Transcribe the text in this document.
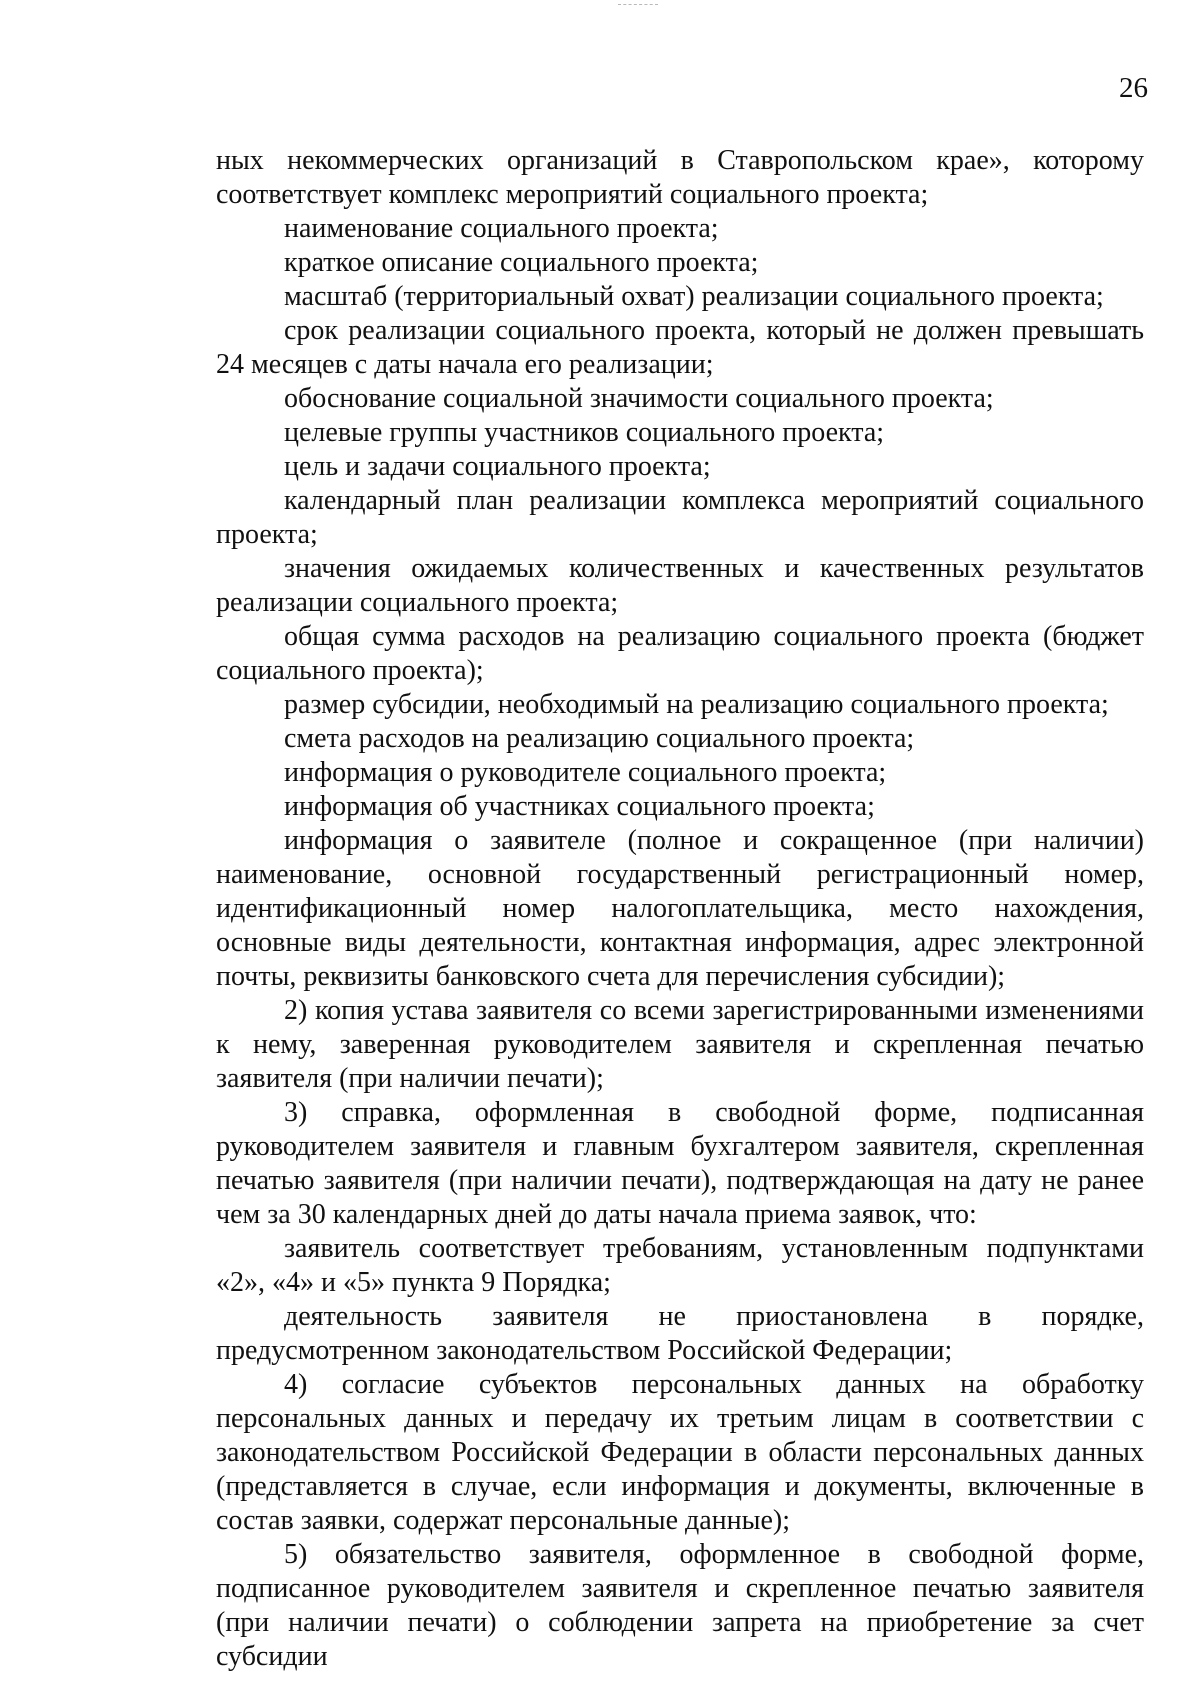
26

ных некоммерческих организаций в Ставропольском крае», которому соответствует комплекс мероприятий социального проекта;

наименование социального проекта;

краткое описание социального проекта;

масштаб (территориальный охват) реализации социального проекта;

срок реализации социального проекта, который не должен превышать 24 месяцев с даты начала его реализации;

обоснование социальной значимости социального проекта;

целевые группы участников социального проекта;

цель и задачи социального проекта;

календарный план реализации комплекса мероприятий социального проекта;

значения ожидаемых количественных и качественных результатов реализации социального проекта;

общая сумма расходов на реализацию социального проекта (бюджет социального проекта);

размер субсидии, необходимый на реализацию социального проекта;

смета расходов на реализацию социального проекта;

информация о руководителе социального проекта;

информация об участниках социального проекта;

информация о заявителе (полное и сокращенное (при наличии) наименование, основной государственный регистрационный номер, идентификационный номер налогоплательщика, место нахождения, основные виды деятельности, контактная информация, адрес электронной почты, реквизиты банковского счета для перечисления субсидии);

2) копия устава заявителя со всеми зарегистрированными изменениями к нему, заверенная руководителем заявителя и скрепленная печатью заявителя (при наличии печати);

3) справка, оформленная в свободной форме, подписанная руководителем заявителя и главным бухгалтером заявителя, скрепленная печатью заявителя (при наличии печати), подтверждающая на дату не ранее чем за 30 календарных дней до даты начала приема заявок, что:

заявитель соответствует требованиям, установленным подпунктами «2», «4» и «5» пункта 9 Порядка;

деятельность заявителя не приостановлена в порядке, предусмотренном законодательством Российской Федерации;

4) согласие субъектов персональных данных на обработку персональных данных и передачу их третьим лицам в соответствии с законодательством Российской Федерации в области персональных данных (представляется в случае, если информация и документы, включенные в состав заявки, содержат персональные данные);

5) обязательство заявителя, оформленное в свободной форме, подписанное руководителем заявителя и скрепленное печатью заявителя (при наличии печати) о соблюдении запрета на приобретение за счет субсидии
